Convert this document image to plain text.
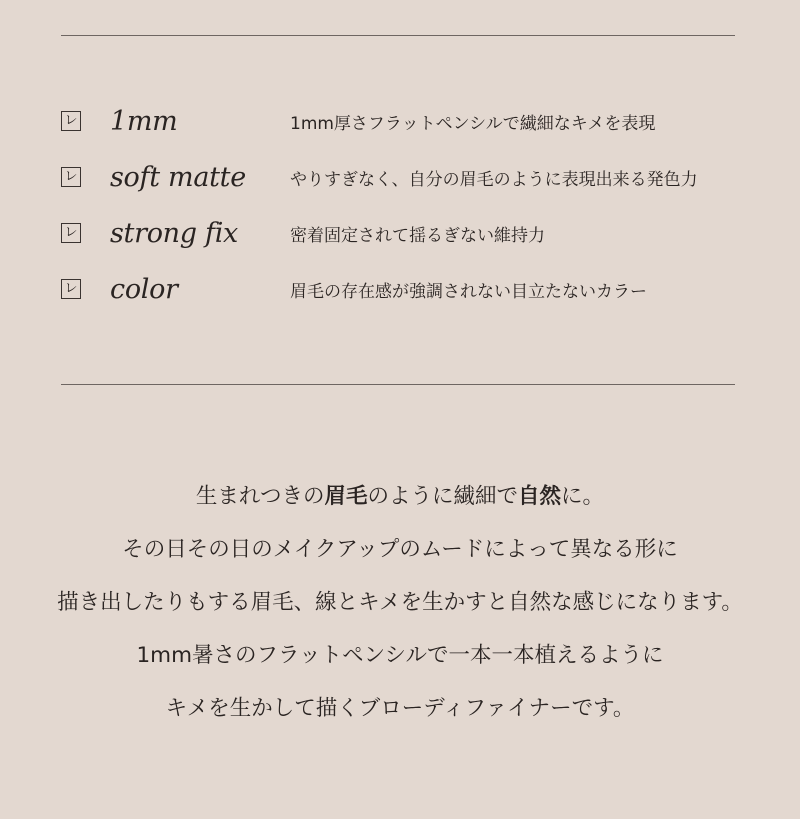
レ 1mm	1mm厚さフラットペンシルで繊細なキメを表現
レ soft matte	やりすぎなく、自分の眉毛のように表現出来る発色力
レ strong fix	密着固定されて揺るぎない維持力
レ color	眉毛の存在感が強調されない目立たないカラー
生まれつきの眉毛のように繊細で自然に。
その日その日のメイクアップのムードによって異なる形に
描き出したりもする眉毛、線とキメを生かすと自然な感じになります。
1mm暑さのフラットペンシルで一本一本植えるように
キメを生かして描くブローディファイナーです。
